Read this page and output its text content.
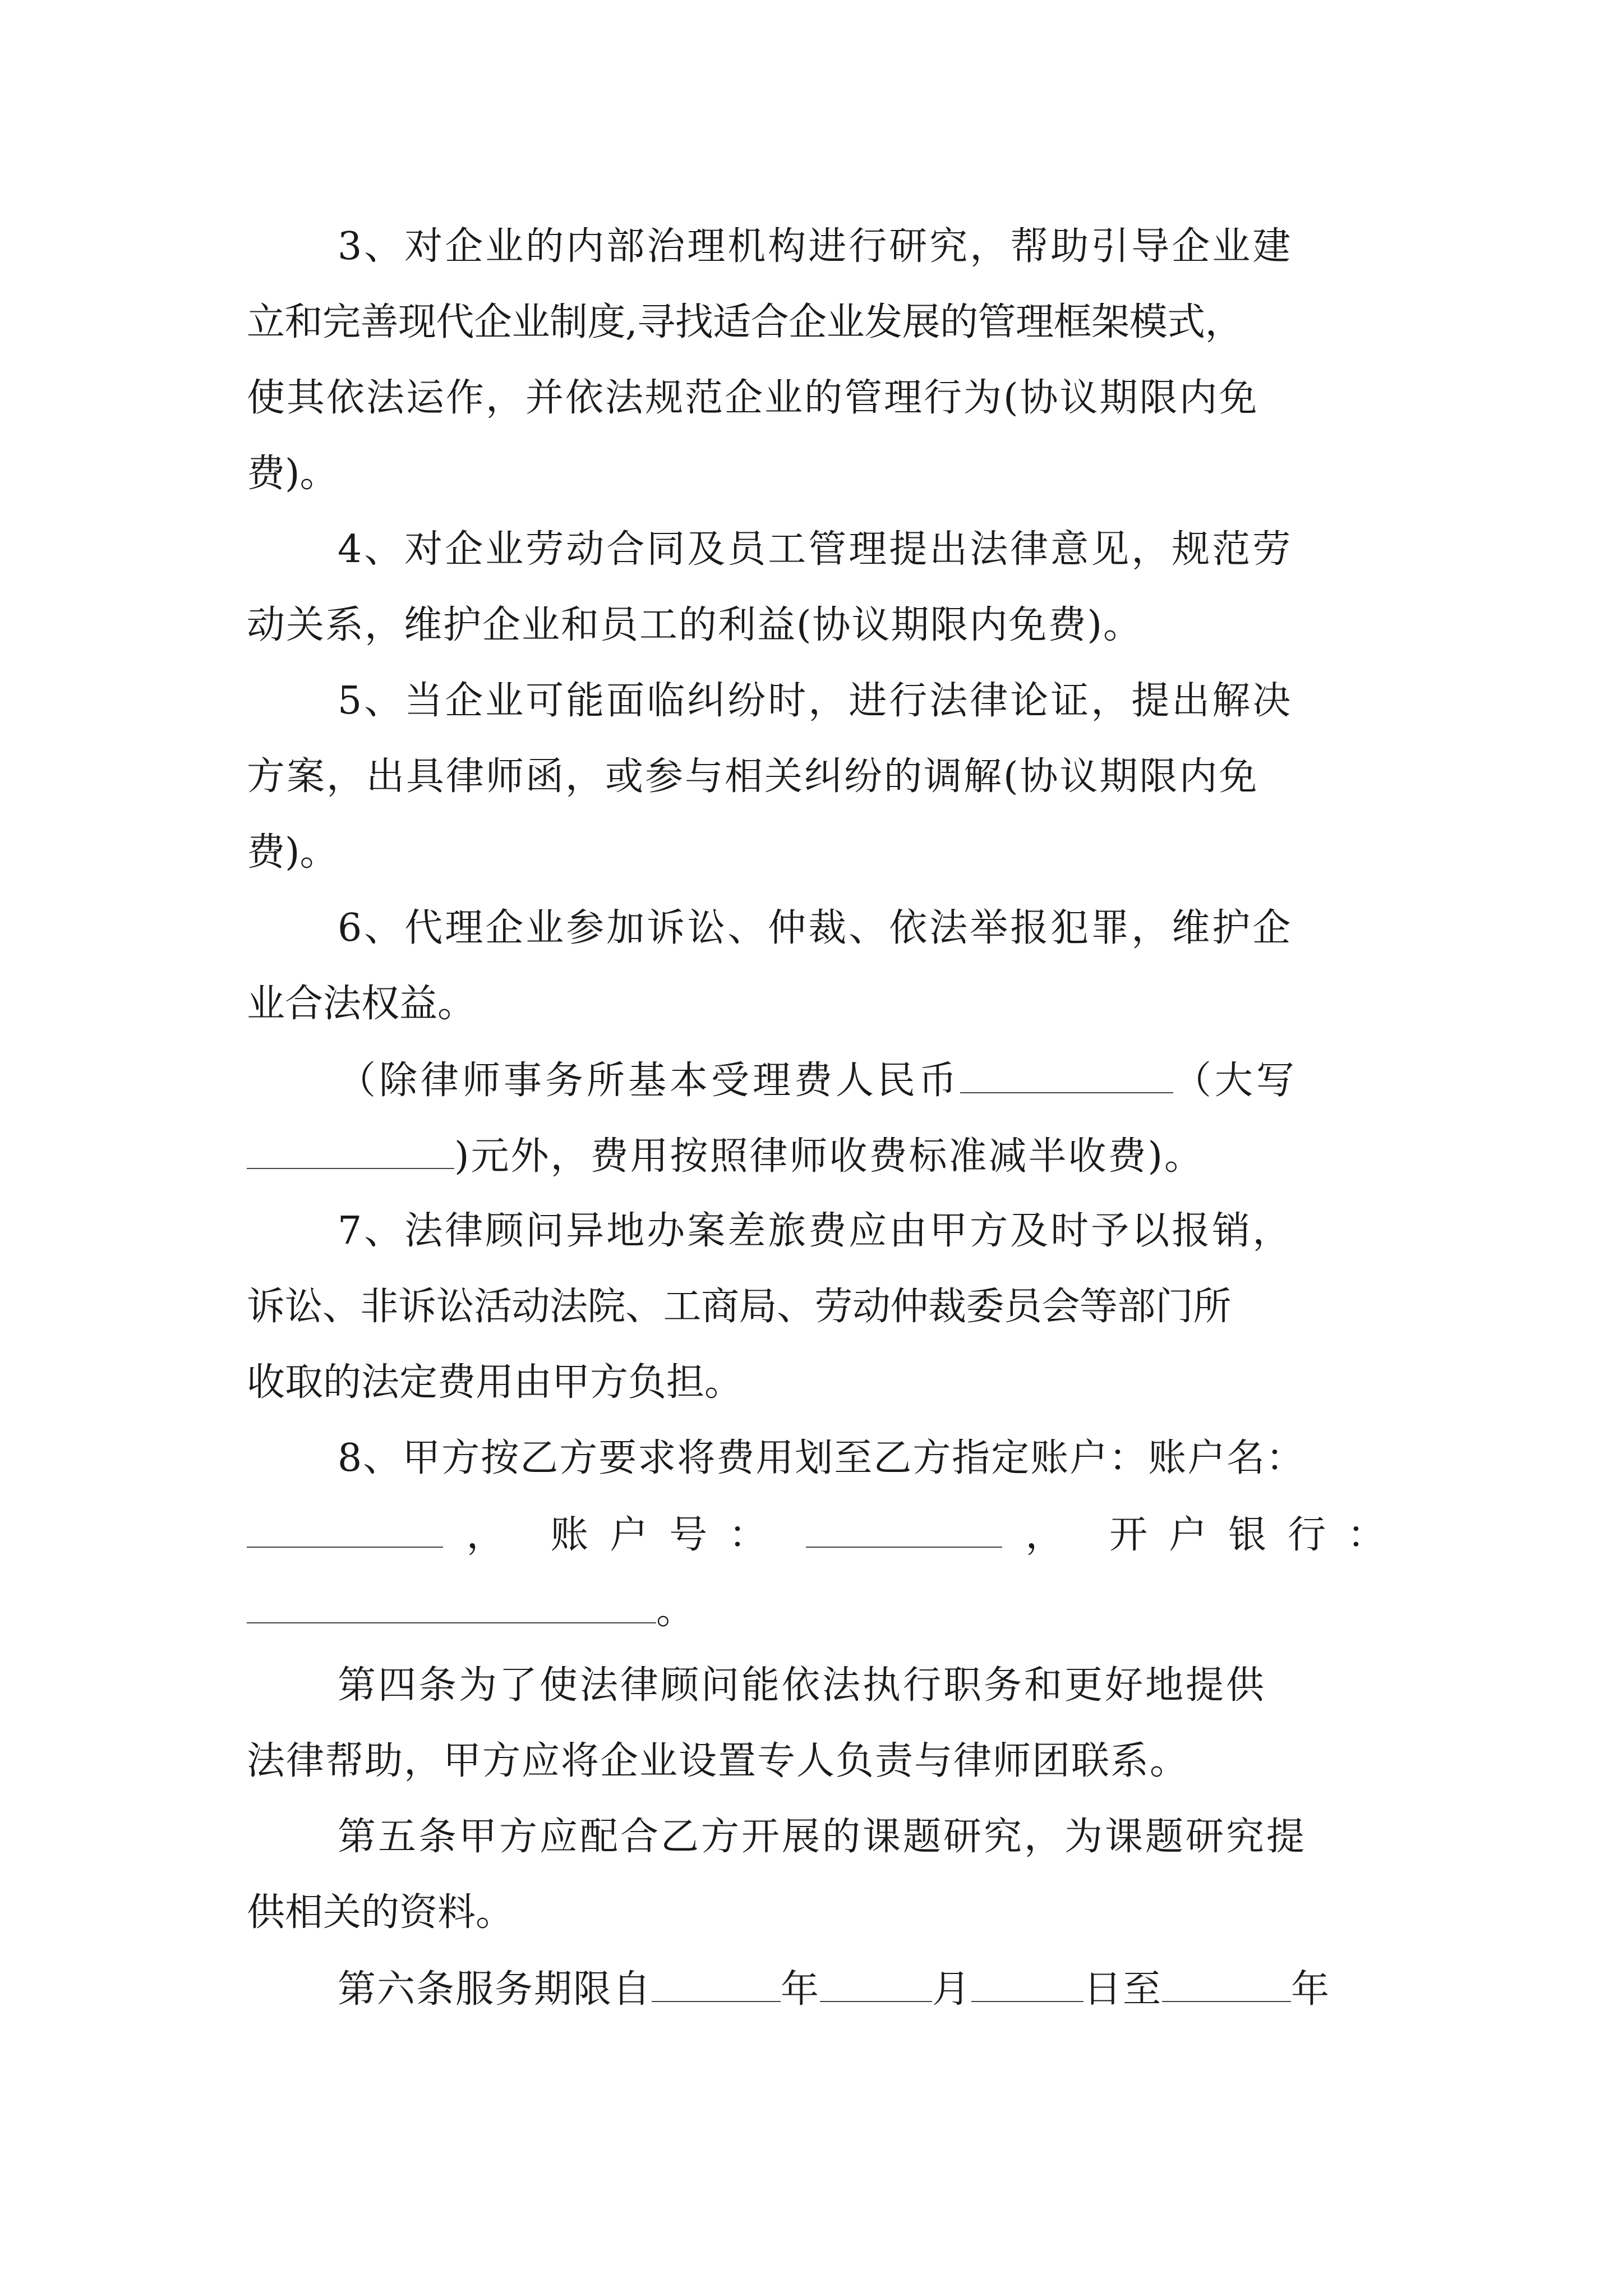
3、对企业的内部治理机构进行研究，帮助引导企业建
立和完善现代企业制度,寻找适合企业发展的管理框架模式，
使其依法运作，并依法规范企业的管理行为(协议期限内免
费)。
4、对企业劳动合同及员工管理提出法律意见，规范劳
动关系，维护企业和员工的利益(协议期限内免费)。
5、当企业可能面临纠纷时，进行法律论证，提出解决
方案，出具律师函，或参与相关纠纷的调解(协议期限内免
费)。
6、代理企业参加诉讼、仲裁、依法举报犯罪，维护企
业合法权益。
（除律师事务所基本受理费人民币	（大写
)元外，费用按照律师收费标准减半收费)。
7、法律顾问异地办案差旅费应由甲方及时予以报销，
诉讼、非诉讼活动法院、工商局、劳动仲裁委员会等部门所
收取的法定费用由甲方负担。
8、甲方按乙方要求将费用划至乙方指定账户：账户名：
， 账户号：	， 开户银行：
。
第四条为了使法律顾问能依法执行职务和更好地提供
法律帮助，甲方应将企业设置专人负责与律师团联系。
第五条甲方应配合乙方开展的课题研究，为课题研究提
供相关的资料。
第六条服务期限自	年	月	日至	年
